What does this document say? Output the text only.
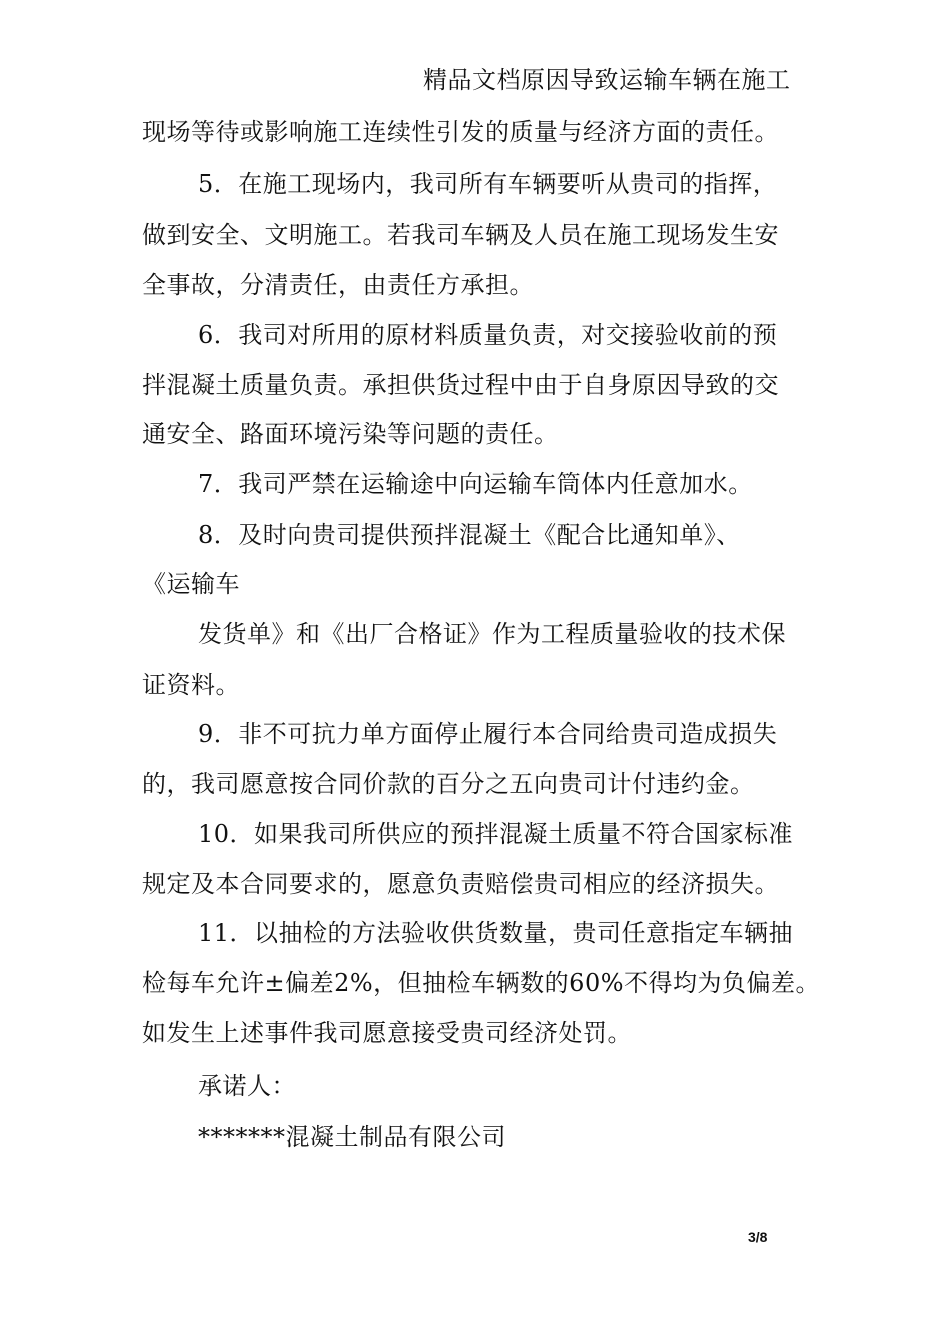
精品文档原因导致运输车辆在施工
现场等待或影响施工连续性引发的质量与经济方面的责任。
5．在施工现场内，我司所有车辆要听从贵司的指挥，
做到安全、文明施工。若我司车辆及人员在施工现场发生安
全事故，分清责任，由责任方承担。
6．我司对所用的原材料质量负责，对交接验收前的预
拌混凝土质量负责。承担供货过程中由于自身原因导致的交
通安全、路面环境污染等问题的责任。
7．我司严禁在运输途中向运输车筒体内任意加水。
8．及时向贵司提供预拌混凝土《配合比通知单》、
《运输车
发货单》和《出厂合格证》作为工程质量验收的技术保
证资料。
9．非不可抗力单方面停止履行本合同给贵司造成损失
的，我司愿意按合同价款的百分之五向贵司计付违约金。
10．如果我司所供应的预拌混凝土质量不符合国家标准
规定及本合同要求的，愿意负责赔偿贵司相应的经济损失。
11．以抽检的方法验收供货数量，贵司任意指定车辆抽
检每车允许±偏差2%，但抽检车辆数的60%不得均为负偏差。
如发生上述事件我司愿意接受贵司经济处罚。
承诺人：
*******混凝土制品有限公司
3/8
